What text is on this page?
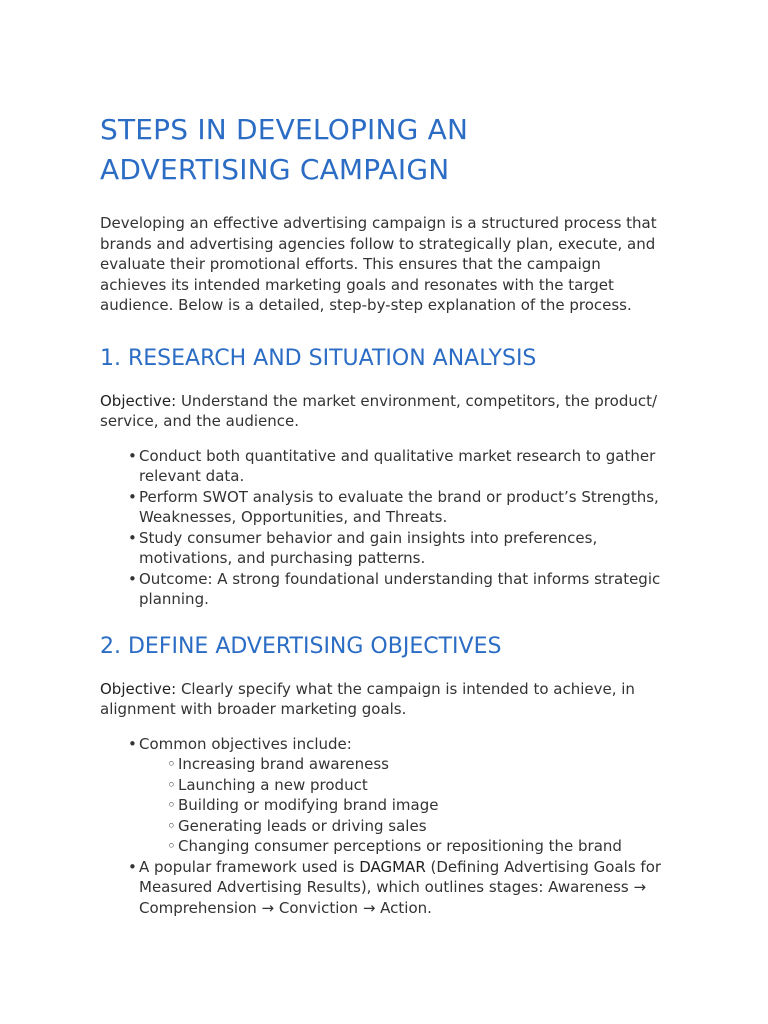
STEPS IN DEVELOPING AN
ADVERTISING CAMPAIGN

Developing an effective advertising campaign is a structured process that brands and advertising agencies follow to strategically plan, execute, and evaluate their promotional efforts. This ensures that the campaign achieves its intended marketing goals and resonates with the target audience. Below is a detailed, step-by-step explanation of the process.

1. RESEARCH AND SITUATION ANALYSIS

Objective: Understand the market environment, competitors, the product/ service, and the audience.

• Conduct both quantitative and qualitative market research to gather relevant data.
• Perform SWOT analysis to evaluate the brand or product’s Strengths, Weaknesses, Opportunities, and Threats.
• Study consumer behavior and gain insights into preferences, motivations, and purchasing patterns.
• Outcome: A strong foundational understanding that informs strategic planning.
2. DEFINE ADVERTISING OBJECTIVES

Objective: Clearly specify what the campaign is intended to achieve, in alignment with broader marketing goals.

• Common objectives include:
◦ Increasing brand awareness
◦ Launching a new product
◦ Building or modifying brand image
◦ Generating leads or driving sales
◦ Changing consumer perceptions or repositioning the brand
• A popular framework used is DAGMAR (Defining Advertising Goals for Measured Advertising Results), which outlines stages: Awareness → Comprehension → Conviction → Action.
